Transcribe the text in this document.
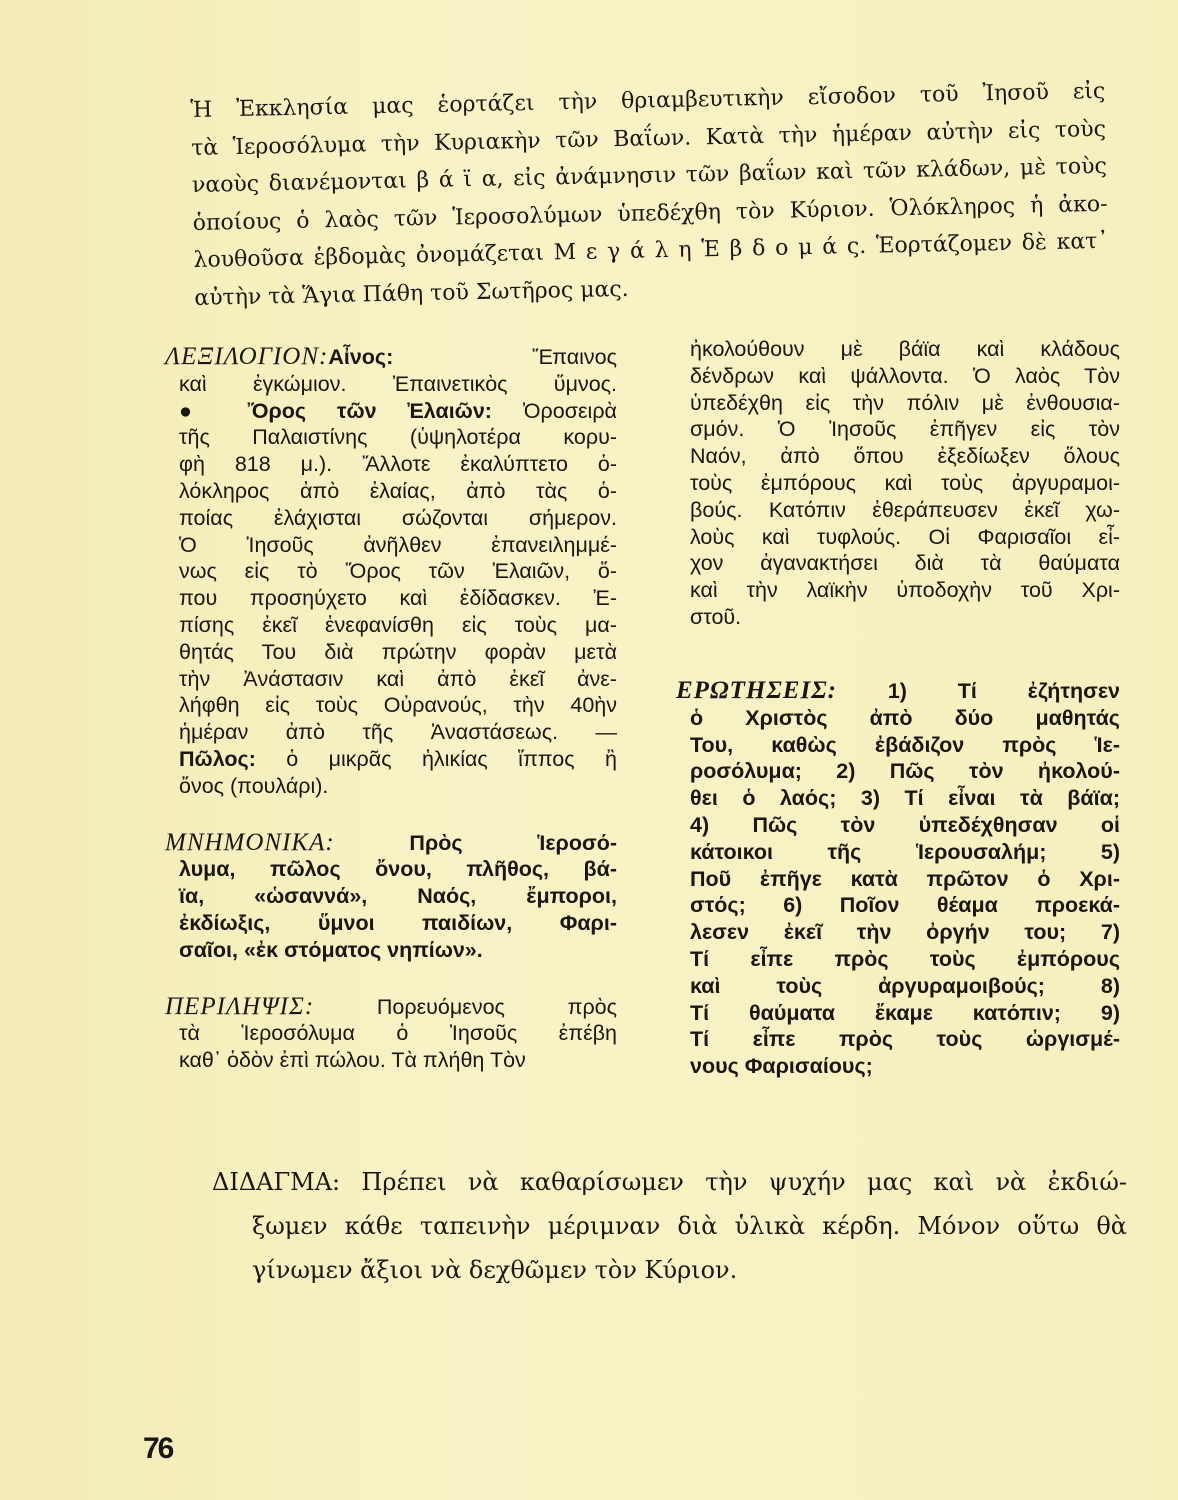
Ἡ Ἐκκλησία μας ἑορτάζει τὴν θριαμβευτικὴν εἴσοδον τοῦ Ἰησοῦ εἰς
τὰ Ἱεροσόλυμα τὴν Κυριακὴν τῶν Βαΐων. Κατὰ τὴν ἡμέραν αὐτὴν εἰς τοὺς
ναοὺς διανέμονται β ά ϊ α, εἰς ἀνάμνησιν τῶν βαΐων καὶ τῶν κλάδων, μὲ τοὺς
ὁποίους ὁ λαὸς τῶν Ἱεροσολύμων ὑπεδέχθη τὸν Κύριον. Ὁλόκληρος ἡ ἀκο-
λουθοῦσα ἑβδομὰς ὀνομάζεται Μ ε γ ά λ η Ἑ β δ ο μ ά ς. Ἑορτάζομεν δὲ κατ᾽
αὐτὴν τὰ Ἅγια Πάθη τοῦ Σωτῆρος μας.
ΛΕΞΙΛΟΓΙΟΝ:Αἶνος: Ἔπαινος
καὶ ἐγκώμιον. Ἐπαινετικὸς ὕμνος.
● Ὄρος τῶν Ἐλαιῶν: Ὀροσειρὰ
τῆς Παλαιστίνης (ὑψηλοτέρα κορυ-
φὴ 818 μ.). Ἄλλοτε ἐκαλύπτετο ὁ-
λόκληρος ἀπὸ ἐλαίας, ἀπὸ τὰς ὁ-
ποίας ἐλάχισται σώζονται σήμερον.
Ὁ Ἰησοῦς ἀνῆλθεν ἐπανειλημμέ-
νως εἰς τὸ Ὄρος τῶν Ἐλαιῶν, ὅ-
που προσηύχετο καὶ ἐδίδασκεν. Ἐ-
πίσης ἐκεῖ ἐνεφανίσθη εἰς τοὺς μα-
θητάς Του διὰ πρώτην φορὰν μετὰ
τὴν Ἀνάστασιν καὶ ἀπὸ ἐκεῖ ἀνε-
λήφθη εἰς τοὺς Οὐρανούς, τὴν 40ὴν
ἡμέραν ἀπὸ τῆς Ἀναστάσεως. —
Πῶλος: ὁ μικρᾶς ἡλικίας ἵππος ἢ
ὄνος (πουλάρι).
ΜΝΗΜΟΝΙΚΑ: Πρὸς Ἱεροσό-
λυμα, πῶλος ὄνου, πλῆθος, βά-
ϊα, «ὡσαννά», Ναός, ἔμποροι,
ἐκδίωξις, ὕμνοι παιδίων, Φαρι-
σαῖοι, «ἐκ στόματος νηπίων».
ΠΕΡΙΛΗΨΙΣ: Πορευόμενος πρὸς
τὰ Ἱεροσόλυμα ὁ Ἰησοῦς ἐπέβη
καθ᾽ ὁδὸν ἐπὶ πώλου. Τὰ πλήθη Τὸν
ἠκολούθουν μὲ βάϊα καὶ κλάδους
δένδρων καὶ ψάλλοντα. Ὁ λαὸς Τὸν
ὑπεδέχθη εἰς τὴν πόλιν μὲ ἐνθουσια-
σμόν. Ὁ Ἰησοῦς ἐπῆγεν εἰς τὸν
Ναόν, ἀπὸ ὅπου ἐξεδίωξεν ὅλους
τοὺς ἐμπόρους καὶ τοὺς ἀργυραμοι-
βούς. Κατόπιν ἐθεράπευσεν ἐκεῖ χω-
λοὺς καὶ τυφλούς. Οἱ Φαρισαῖοι εἶ-
χον ἀγανακτήσει διὰ τὰ θαύματα
καὶ τὴν λαϊκὴν ὑποδοχὴν τοῦ Χρι-
στοῦ.
ΕΡΩΤΗΣΕΙΣ: 1) Τί ἐζήτησεν
ὁ Χριστὸς ἀπὸ δύο μαθητάς
Του, καθὼς ἐβάδιζον πρὸς Ἱε-
ροσόλυμα; 2) Πῶς τὸν ἠκολού-
θει ὁ λαός; 3) Τί εἶναι τὰ βάϊα;
4) Πῶς τὸν ὑπεδέχθησαν οἱ
κάτοικοι τῆς Ἱερουσαλήμ; 5)
Ποῦ ἐπῆγε κατὰ πρῶτον ὁ Χρι-
στός; 6) Ποῖον θέαμα προεκά-
λεσεν ἐκεῖ τὴν ὀργήν του; 7)
Τί εἶπε πρὸς τοὺς ἐμπόρους
καὶ τοὺς ἀργυραμοιβούς; 8)
Τί θαύματα ἔκαμε κατόπιν; 9)
Τί εἶπε πρὸς τοὺς ὠργισμέ-
νους Φαρισαίους;
ΔΙΔΑΓΜΑ: Πρέπει νὰ καθαρίσωμεν τὴν ψυχήν μας καὶ νὰ ἐκδιώ-
ξωμεν κάθε ταπεινὴν μέριμναν διὰ ὑλικὰ κέρδη. Μόνον οὕτω θὰ
γίνωμεν ἄξιοι νὰ δεχθῶμεν τὸν Κύριον.
76
